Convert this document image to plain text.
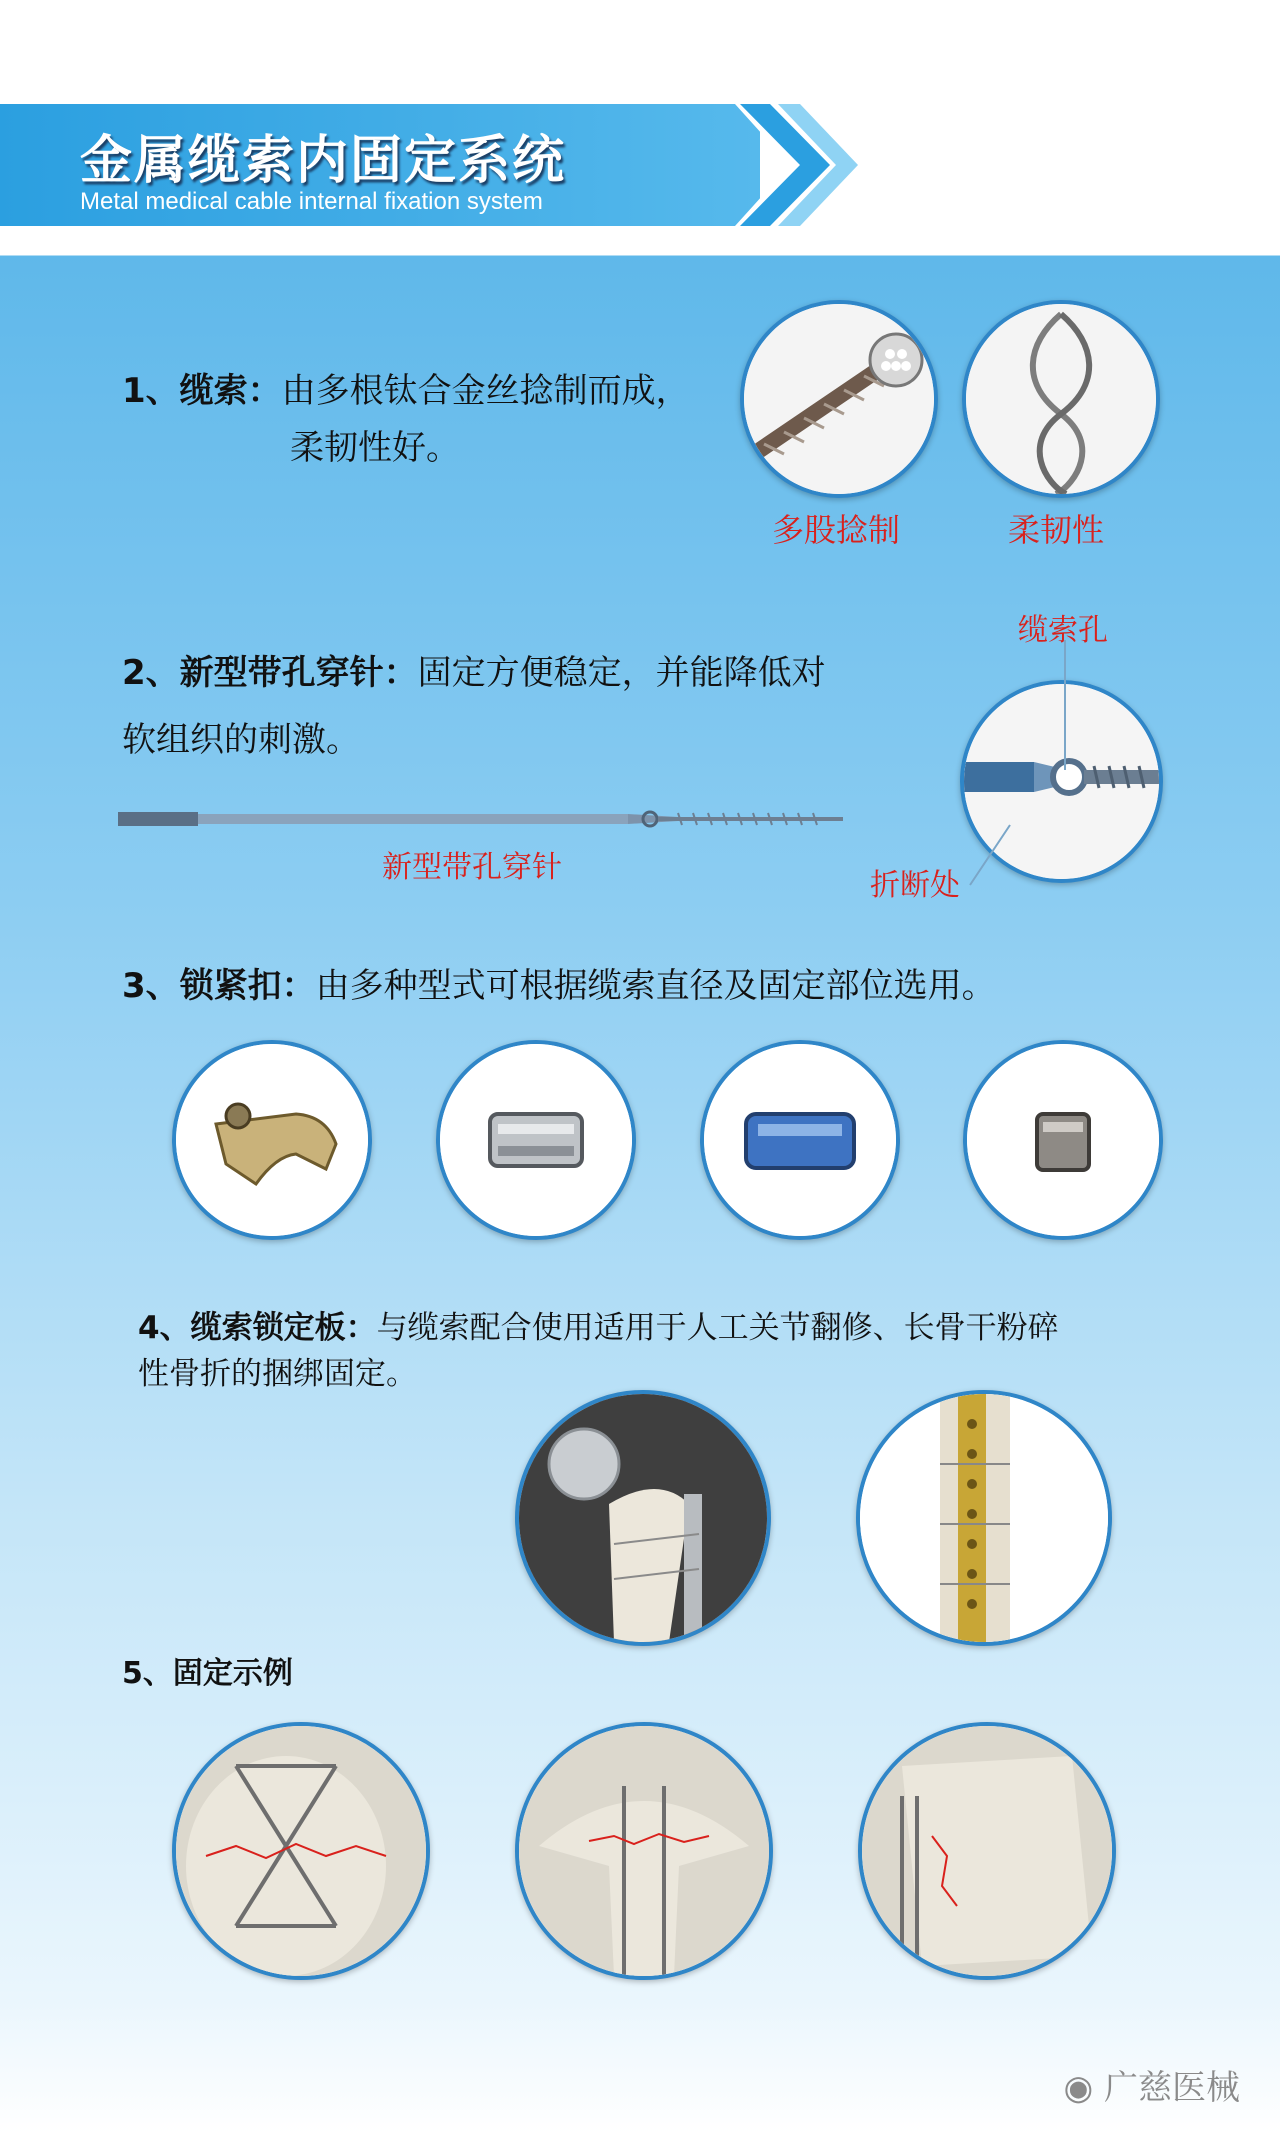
金属缆索内固定系统
Metal medical cable internal fixation system
1、缆索：由多根钛合金丝捻制而成，
柔韧性好。
多股捻制	柔韧性
2、新型带孔穿针：固定方便稳定，并能降低对
软组织的刺激。
新型带孔穿针
缆索孔
折断处
3、锁紧扣：由多种型式可根据缆索直径及固定部位选用。
4、缆索锁定板：与缆索配合使用适用于人工关节翻修、长骨干粉碎
性骨折的捆绑固定。
5、固定示例
◉ 广慈医械
